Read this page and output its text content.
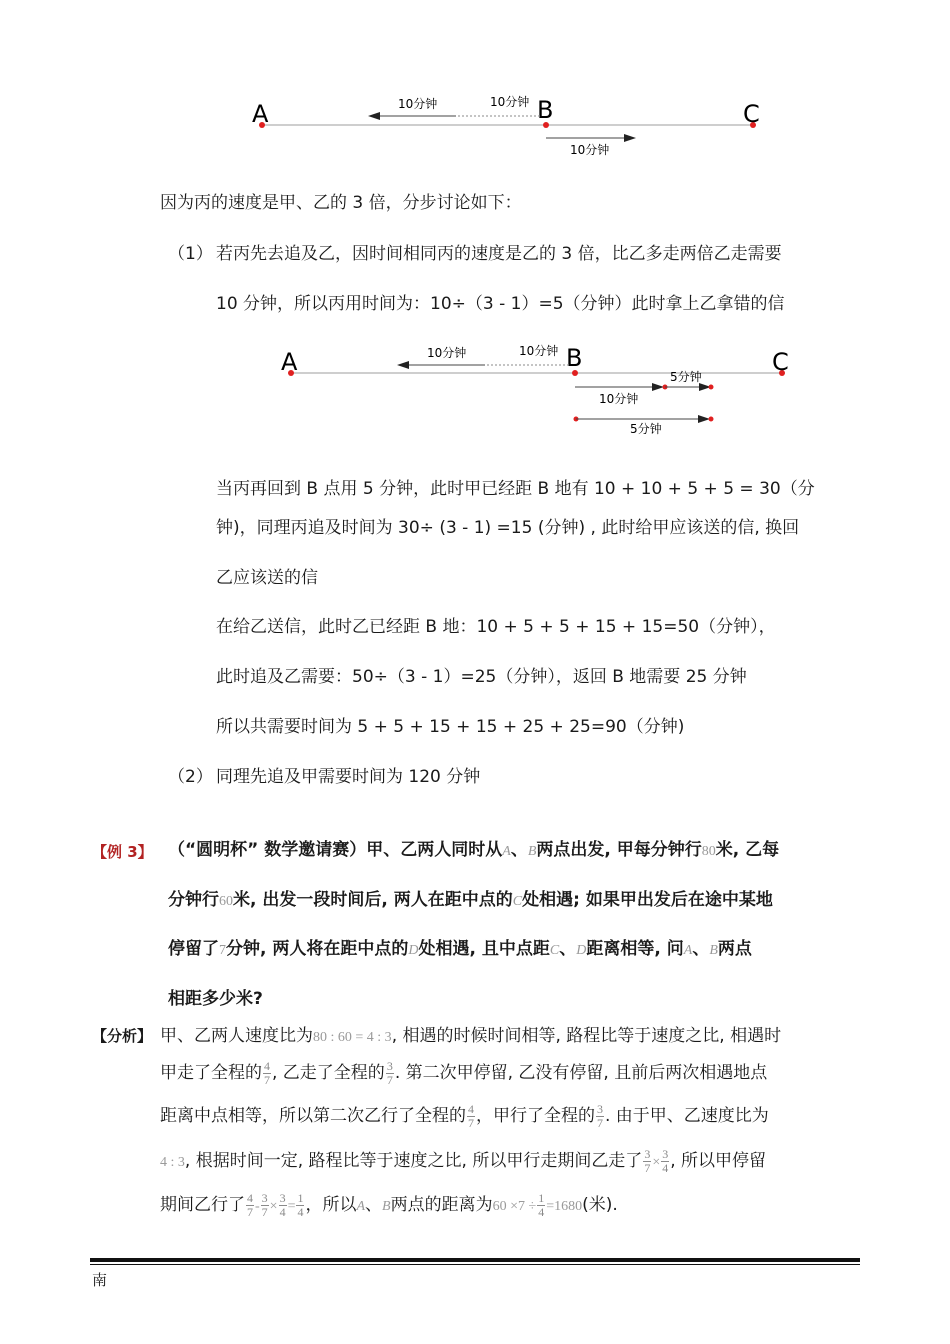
A	B	C
10分钟	10分钟
10分钟
因为丙的速度是甲、乙的 3 倍，分步讨论如下：
（1） 若丙先去追及乙，因时间相同丙的速度是乙的 3 倍，比乙多走两倍乙走需要
10 分钟，所以丙用时间为：10÷（3 - 1）=5（分钟）此时拿上乙拿错的信
A	B	C
10分钟	10分钟
5分钟
10分钟
5分钟
当丙再回到 B 点用 5 分钟，此时甲已经距 B 地有 10 + 10 + 5 + 5 = 30（分
钟)，同理丙追及时间为 30÷ (3 - 1) =15 (分钟) , 此时给甲应该送的信, 换回
乙应该送的信
在给乙送信，此时乙已经距 B 地：10 + 5 + 5 + 15 + 15=50（分钟），
此时追及乙需要：50÷（3 - 1）=25（分钟），返回 B 地需要 25 分钟
所以共需要时间为 5 + 5 + 15 + 15 + 25 + 25=90（分钟)
（2） 同理先追及甲需要时间为 120 分钟
【例 3】 （“圆明杯” 数学邀请赛）甲、乙两人同时从A、B两点出发, 甲每分钟行80米, 乙每
分钟行60米, 出发一段时间后, 两人在距中点的C处相遇; 如果甲出发后在途中某地
停留了7分钟, 两人将在距中点的D处相遇, 且中点距C、D距离相等, 问A、B两点
相距多少米?
【分析】 甲、乙两人速度比为80 : 60 = 4 : 3, 相遇的时候时间相等, 路程比等于速度之比, 相遇时
甲走了全程的 $\frac{4}{7}$ , 乙走了全程的 $\frac{3}{7}$ . 第二次甲停留, 乙没有停留, 且前后两次相遇地点
距离中点相等，所以第二次乙行了全程的 $\frac{4}{7}$ ，甲行了全程的 $\frac{3}{7}$ . 由于甲、乙速度比为
4 : 3, 根据时间一定, 路程比等于速度之比, 所以甲行走期间乙走了 $\frac{3}{7} \times \frac{3}{4}$ , 所以甲停留
期间乙行了 $\frac{4}{7} - \frac{3}{7} \times \frac{3}{4} = \frac{1}{4}$ ，所以A、B两点的距离为$60 \times 7 \div \frac{1}{4} =1680$(米).
南
